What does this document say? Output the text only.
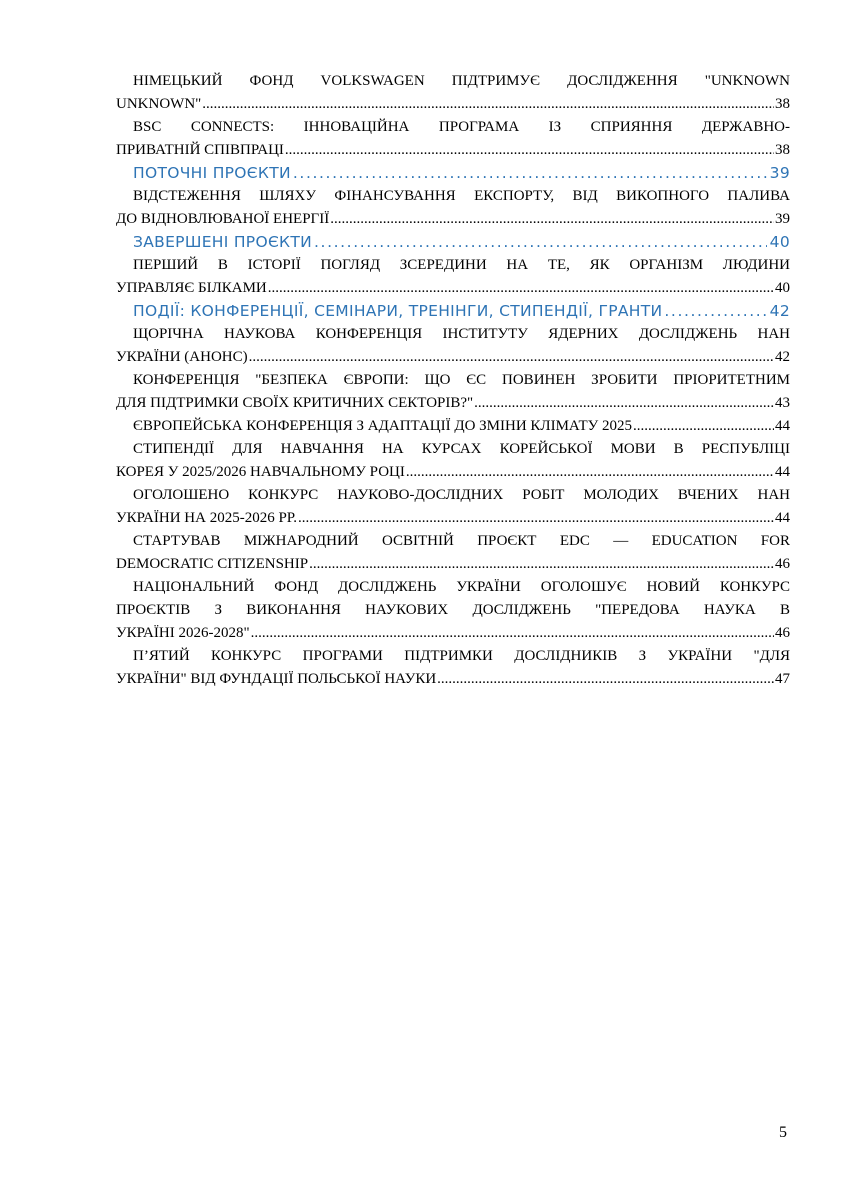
НІМЕЦЬКИЙ ФОНД VOLKSWAGEN ПІДТРИМУЄ ДОСЛІДЖЕННЯ "UNKNOWN
UNKNOWN" .....	38
BSC CONNECTS: ІННОВАЦІЙНА ПРОГРАМА ІЗ СПРИЯННЯ ДЕРЖАВНО-
ПРИВАТНІЙ СПІВПРАЦІ .....	38
ПОТОЧНІ ПРОЄКТИ .....	39
ВІДСТЕЖЕННЯ ШЛЯХУ ФІНАНСУВАННЯ ЕКСПОРТУ, ВІД ВИКОПНОГО ПАЛИВА
ДО ВІДНОВЛЮВАНОЇ ЕНЕРГІЇ .....	39
ЗАВЕРШЕНІ ПРОЄКТИ .....	40
ПЕРШИЙ В ІСТОРІЇ ПОГЛЯД ЗСЕРЕДИНИ НА ТЕ, ЯК ОРГАНІЗМ ЛЮДИНИ
УПРАВЛЯЄ БІЛКАМИ .....	40
ПОДІЇ: КОНФЕРЕНЦІЇ, СЕМІНАРИ, ТРЕНІНГИ, СТИПЕНДІЇ, ГРАНТИ .....	42
ЩОРІЧНА НАУКОВА КОНФЕРЕНЦІЯ ІНСТИТУТУ ЯДЕРНИХ ДОСЛІДЖЕНЬ НАН
УКРАЇНИ (АНОНС) .....	42
КОНФЕРЕНЦІЯ "БЕЗПЕКА ЄВРОПИ: ЩО ЄС ПОВИНЕН ЗРОБИТИ ПРІОРИТЕТНИМ
ДЛЯ ПІДТРИМКИ СВОЇХ КРИТИЧНИХ СЕКТОРІВ?" .....	43
ЄВРОПЕЙСЬКА КОНФЕРЕНЦІЯ З АДАПТАЦІЇ ДО ЗМІНИ КЛІМАТУ 2025 .....	44
СТИПЕНДІЇ ДЛЯ НАВЧАННЯ НА КУРСАХ КОРЕЙСЬКОЇ МОВИ В РЕСПУБЛІЦІ
КОРЕЯ У 2025/2026 НАВЧАЛЬНОМУ РОЦІ .....	44
ОГОЛОШЕНО КОНКУРС НАУКОВО-ДОСЛІДНИХ РОБІТ МОЛОДИХ ВЧЕНИХ НАН
УКРАЇНИ НА 2025-2026 РР. .....	44
СТАРТУВАВ МІЖНАРОДНИЙ ОСВІТНІЙ ПРОЄКТ EDC — EDUCATION FOR
DEMOCRATIC CITIZENSHIP .....	46
НАЦІОНАЛЬНИЙ ФОНД ДОСЛІДЖЕНЬ УКРАЇНИ ОГОЛОШУЄ НОВИЙ КОНКУРС
ПРОЄКТІВ З ВИКОНАННЯ НАУКОВИХ ДОСЛІДЖЕНЬ "ПЕРЕДОВА НАУКА В
УКРАЇНІ 2026-2028" .....	46
П’ЯТИЙ КОНКУРС ПРОГРАМИ ПІДТРИМКИ ДОСЛІДНИКІВ З УКРАЇНИ "ДЛЯ
УКРАЇНИ" ВІД ФУНДАЦІЇ ПОЛЬСЬКОЇ НАУКИ .....	47
5
